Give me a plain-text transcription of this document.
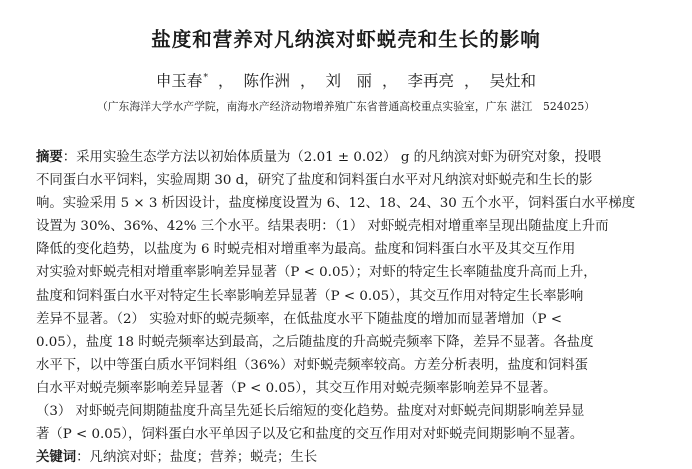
盐度和营养对凡纳滨对虾蜕壳和生长的影响
申玉春* ， 陈作洲 ， 刘　丽 ， 李再亮 ， 吴灶和
（广东海洋大学水产学院，南海水产经济动物增养殖广东省普通高校重点实验室，广东 湛江　524025）
摘要：采用实验生态学方法以初始体质量为（2.01 ± 0.02） g 的凡纳滨对虾为研究对象，投喂
不同蛋白水平饲料，实验周期 30 d，研究了盐度和饲料蛋白水平对凡纳滨对虾蜕壳和生长的影
响。实验采用 5 × 3 析因设计，盐度梯度设置为 6、12、18、24、30 五个水平，饲料蛋白水平梯度
设置为 30%、36%、42% 三个水平。结果表明：（1） 对虾蜕壳相对增重率呈现出随盐度上升而
降低的变化趋势，以盐度为 6 时蜕壳相对增重率为最高。盐度和饲料蛋白水平及其交互作用
对实验对虾蜕壳相对增重率影响差异显著（P < 0.05）；对虾的特定生长率随盐度升高而上升，
盐度和饲料蛋白水平对特定生长率影响差异显著（P < 0.05），其交互作用对特定生长率影响
差异不显著。（2） 实验对虾的蜕壳频率，在低盐度水平下随盐度的增加而显著增加（P <
0.05），盐度 18 时蜕壳频率达到最高，之后随盐度的升高蜕壳频率下降，差异不显著。各盐度
水平下，以中等蛋白质水平饲料组（36%）对虾蜕壳频率较高。方差分析表明，盐度和饲料蛋
白水平对蜕壳频率影响差异显著（P < 0.05），其交互作用对蜕壳频率影响差异不显著。
（3） 对虾蜕壳间期随盐度升高呈先延长后缩短的变化趋势。盐度对对虾蜕壳间期影响差异显
著（P < 0.05），饲料蛋白水平单因子以及它和盐度的交互作用对对虾蜕壳间期影响不显著。
关键词：凡纳滨对虾；盐度；营养；蜕壳；生长
